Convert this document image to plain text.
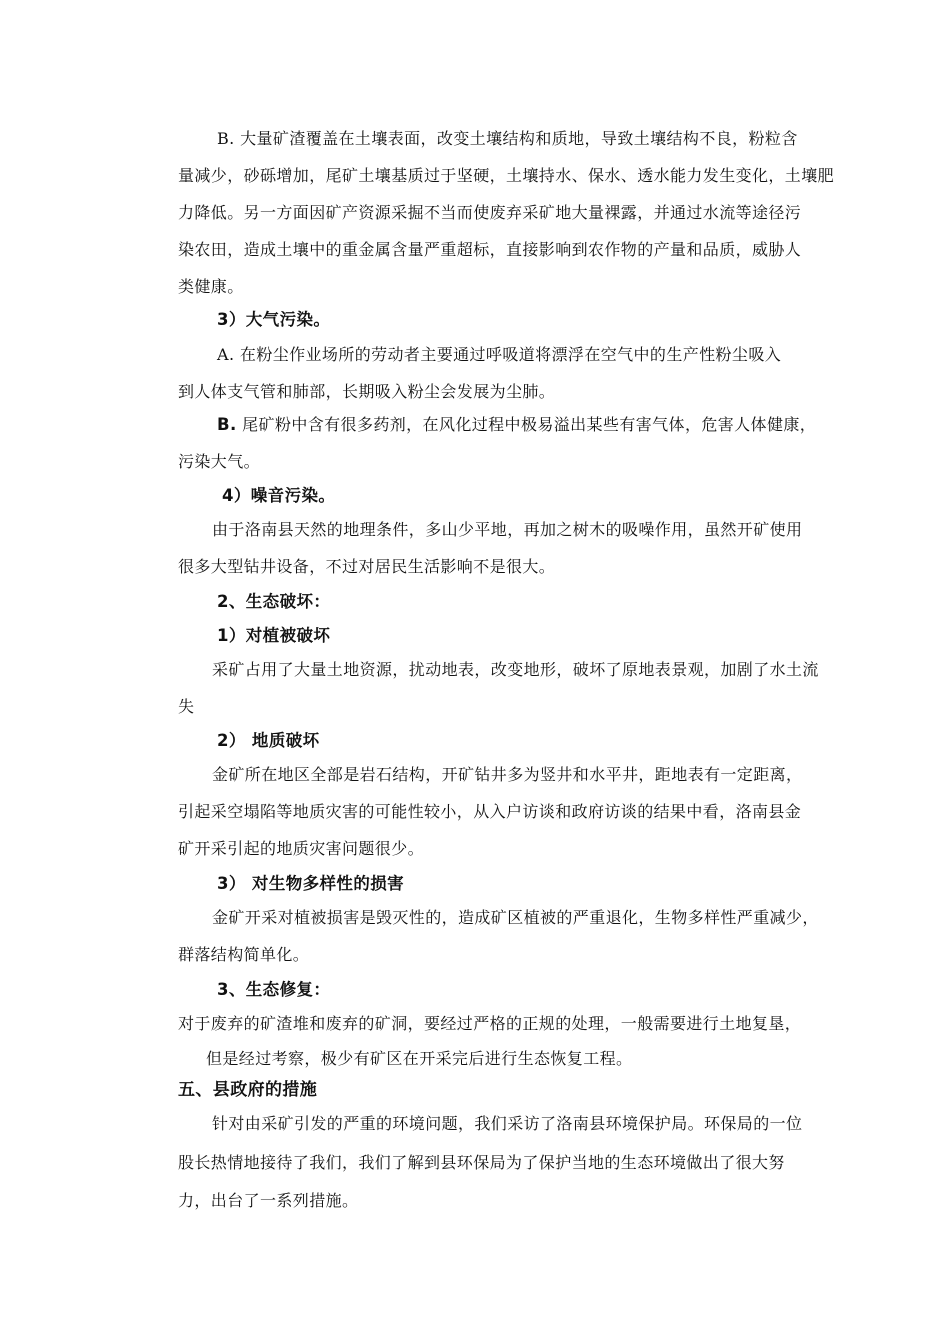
B. 大量矿渣覆盖在土壤表面，改变土壤结构和质地，导致土壤结构不良，粉粒含
量减少，砂砾增加，尾矿土壤基质过于坚硬，土壤持水、保水、透水能力发生变化，土壤肥
力降低。另一方面因矿产资源采掘不当而使废弃采矿地大量裸露，并通过水流等途径污
染农田，造成土壤中的重金属含量严重超标，直接影响到农作物的产量和品质，威胁人
类健康。
3）大气污染。
A. 在粉尘作业场所的劳动者主要通过呼吸道将漂浮在空气中的生产性粉尘吸入
到人体支气管和肺部，长期吸入粉尘会发展为尘肺。
B. 尾矿粉中含有很多药剂，在风化过程中极易溢出某些有害气体，危害人体健康，
污染大气。
4）噪音污染。
由于洛南县天然的地理条件，多山少平地，再加之树木的吸噪作用，虽然开矿使用
很多大型钻井设备，不过对居民生活影响不是很大。
2、生态破坏：
1）对植被破坏
采矿占用了大量土地资源，扰动地表，改变地形，破坏了原地表景观，加剧了水土流
失
2） 地质破坏
金矿所在地区全部是岩石结构，开矿钻井多为竖井和水平井，距地表有一定距离，
引起采空塌陷等地质灾害的可能性较小，从入户访谈和政府访谈的结果中看，洛南县金
矿开采引起的地质灾害问题很少。
3） 对生物多样性的损害
金矿开采对植被损害是毁灭性的，造成矿区植被的严重退化，生物多样性严重减少，
群落结构简单化。
3、生态修复：
对于废弃的矿渣堆和废弃的矿洞，要经过严格的正规的处理，一般需要进行土地复垦，
但是经过考察，极少有矿区在开采完后进行生态恢复工程。
五、县政府的措施
针对由采矿引发的严重的环境问题，我们采访了洛南县环境保护局。环保局的一位
股长热情地接待了我们，我们了解到县环保局为了保护当地的生态环境做出了很大努
力，出台了一系列措施。
